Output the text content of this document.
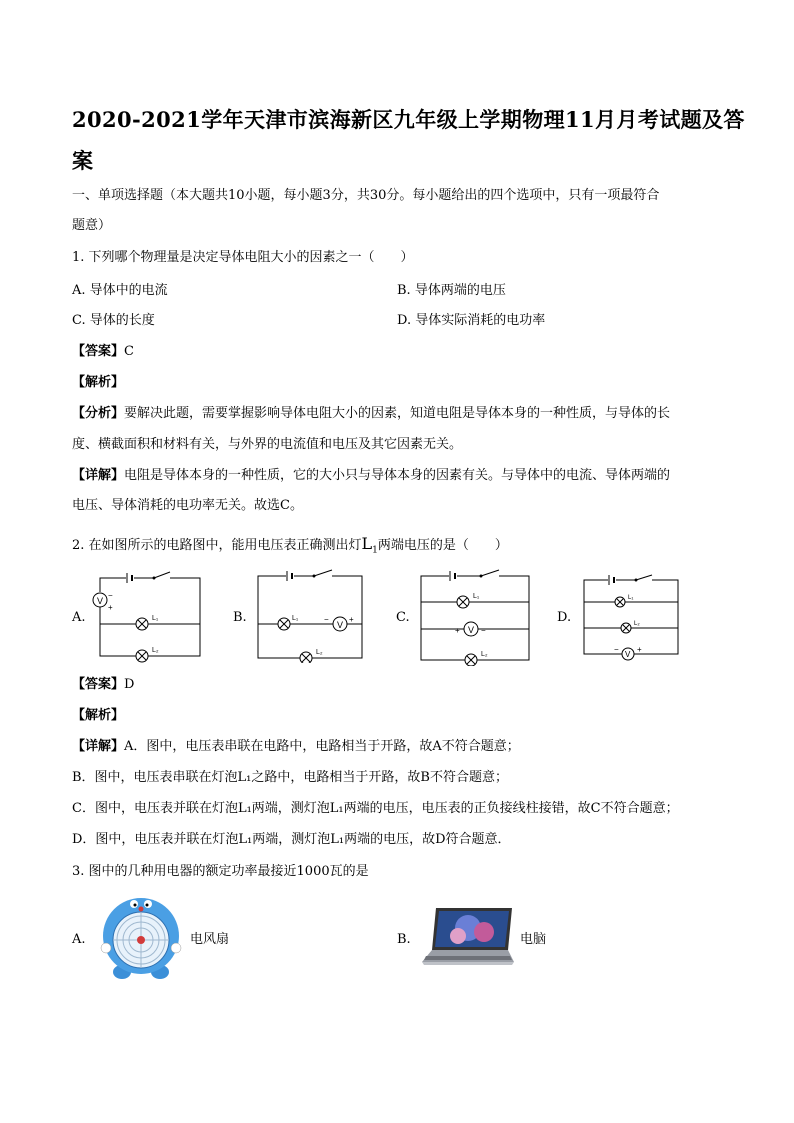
2020-2021学年天津市滨海新区九年级上学期物理11月月考试题及答
案
一、单项选择题（本大题共10小题，每小题3分，共30分。每小题给出的四个选项中，只有一项最符合
题意）
1. 下列哪个物理量是决定导体电阻大小的因素之一（　　）
A. 导体中的电流	B. 导体两端的电压
C. 导体的长度	D. 导体实际消耗的电功率
【答案】C
【解析】
【分析】要解决此题，需要掌握影响导体电阻大小的因素，知道电阻是导体本身的一种性质，与导体的长
度、横截面积和材料有关，与外界的电流值和电压及其它因素无关。
【详解】电阻是导体本身的一种性质，它的大小只与导体本身的因素有关。与导体中的电流、导体两端的
电压、导体消耗的电功率无关。故选C。
2. 在如图所示的电路图中，能用电压表正确测出灯$L_1$两端电压的是（　　）
A.	B.	C.	D.
V
−
+
L₁
L₂
L₁
V
−	+
L₂
L₁
V
+	−
L₂
L₁
L₂
V
− +
【答案】D
【解析】
【详解】A．图中，电压表串联在电路中，电路相当于开路，故A不符合题意；
B．图中，电压表串联在灯泡L₁之路中，电路相当于开路，故B不符合题意；
C．图中，电压表并联在灯泡L₁两端，测灯泡L₁两端的电压，电压表的正负接线柱接错，故C不符合题意；
D．图中，电压表并联在灯泡L₁两端，测灯泡L₁两端的电压，故D符合题意．
3. 图中的几种用电器的额定功率最接近1000瓦的是
A.	电风扇	B.	电脑
